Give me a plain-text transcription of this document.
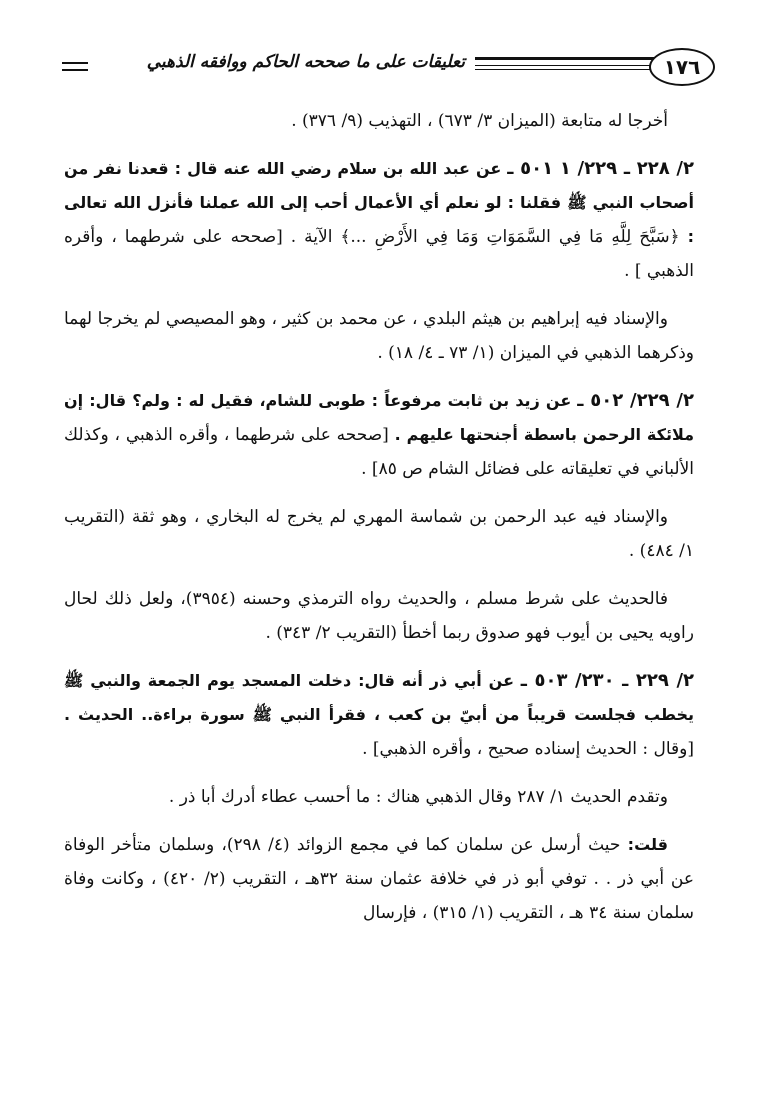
١٧٦
تعليقات على ما صححه الحاكم ووافقه الذهبي

أخرجا له متابعة (الميزان ٣/ ٦٧٣) ، التهذيب (٩/ ٣٧٦) .

٢/ ٢٢٨ ـ ٢٢٩/ ١ ٥٠١ ـ عن عبد الله بن سلام رضي الله عنه قال : قعدنا نفر من أصحاب النبي ﷺ فقلنا : لو نعلم أي الأعمال أحب إلى الله عملنا فأنزل الله تعالى : ﴿سَبَّحَ لِلَّهِ مَا فِي السَّمَوَاتِ وَمَا فِي الأَرْضِ ...﴾ الآية . [صححه على شرطهما ، وأقره الذهبي ] .

والإسناد فيه إبراهيم بن هيثم البلدي ، عن محمد بن كثير ، وهو المصيصي لم يخرجا لهما وذكرهما الذهبي في الميزان (١/ ٧٣ ـ ٤/ ١٨) .

٢/ ٢٢٩/ ٥٠٢ ـ عن زيد بن ثابت مرفوعاً : طوبى للشام، فقيل له : ولم؟ قال: إن ملائكة الرحمن باسطة أجنحتها عليهم . [صححه على شرطهما ، وأقره الذهبي ، وكذلك الألباني في تعليقاته على فضائل الشام ص ٨٥] .

والإسناد فيه عبد الرحمن بن شماسة المهري لم يخرج له البخاري ، وهو ثقة (التقريب ١/ ٤٨٤) .

فالحديث على شرط مسلم ، والحديث رواه الترمذي وحسنه (٣٩٥٤)، ولعل ذلك لحال راويه يحيى بن أيوب فهو صدوق ربما أخطأ (التقريب ٢/ ٣٤٣) .

٢/ ٢٢٩ ـ ٢٣٠/ ٥٠٣ ـ عن أبي ذر أنه قال: دخلت المسجد يوم الجمعة والنبي ﷺ يخطب فجلست قريباً من أبيّ بن كعب ، فقرأ النبي ﷺ سورة براءة.. الحديث . [وقال : الحديث إسناده صحيح ، وأقره الذهبي] .

وتقدم الحديث ١/ ٢٨٧ وقال الذهبي هناك : ما أحسب عطاء أدرك أبا ذر .

قلت: حيث أرسل عن سلمان كما في مجمع الزوائد (٤/ ٢٩٨)، وسلمان متأخر الوفاة عن أبي ذر . . توفي أبو ذر في خلافة عثمان سنة ٣٢هـ ، التقريب (٢/ ٤٢٠) ، وكانت وفاة سلمان سنة ٣٤ هـ ، التقريب (١/ ٣١٥) ، فإرسال
